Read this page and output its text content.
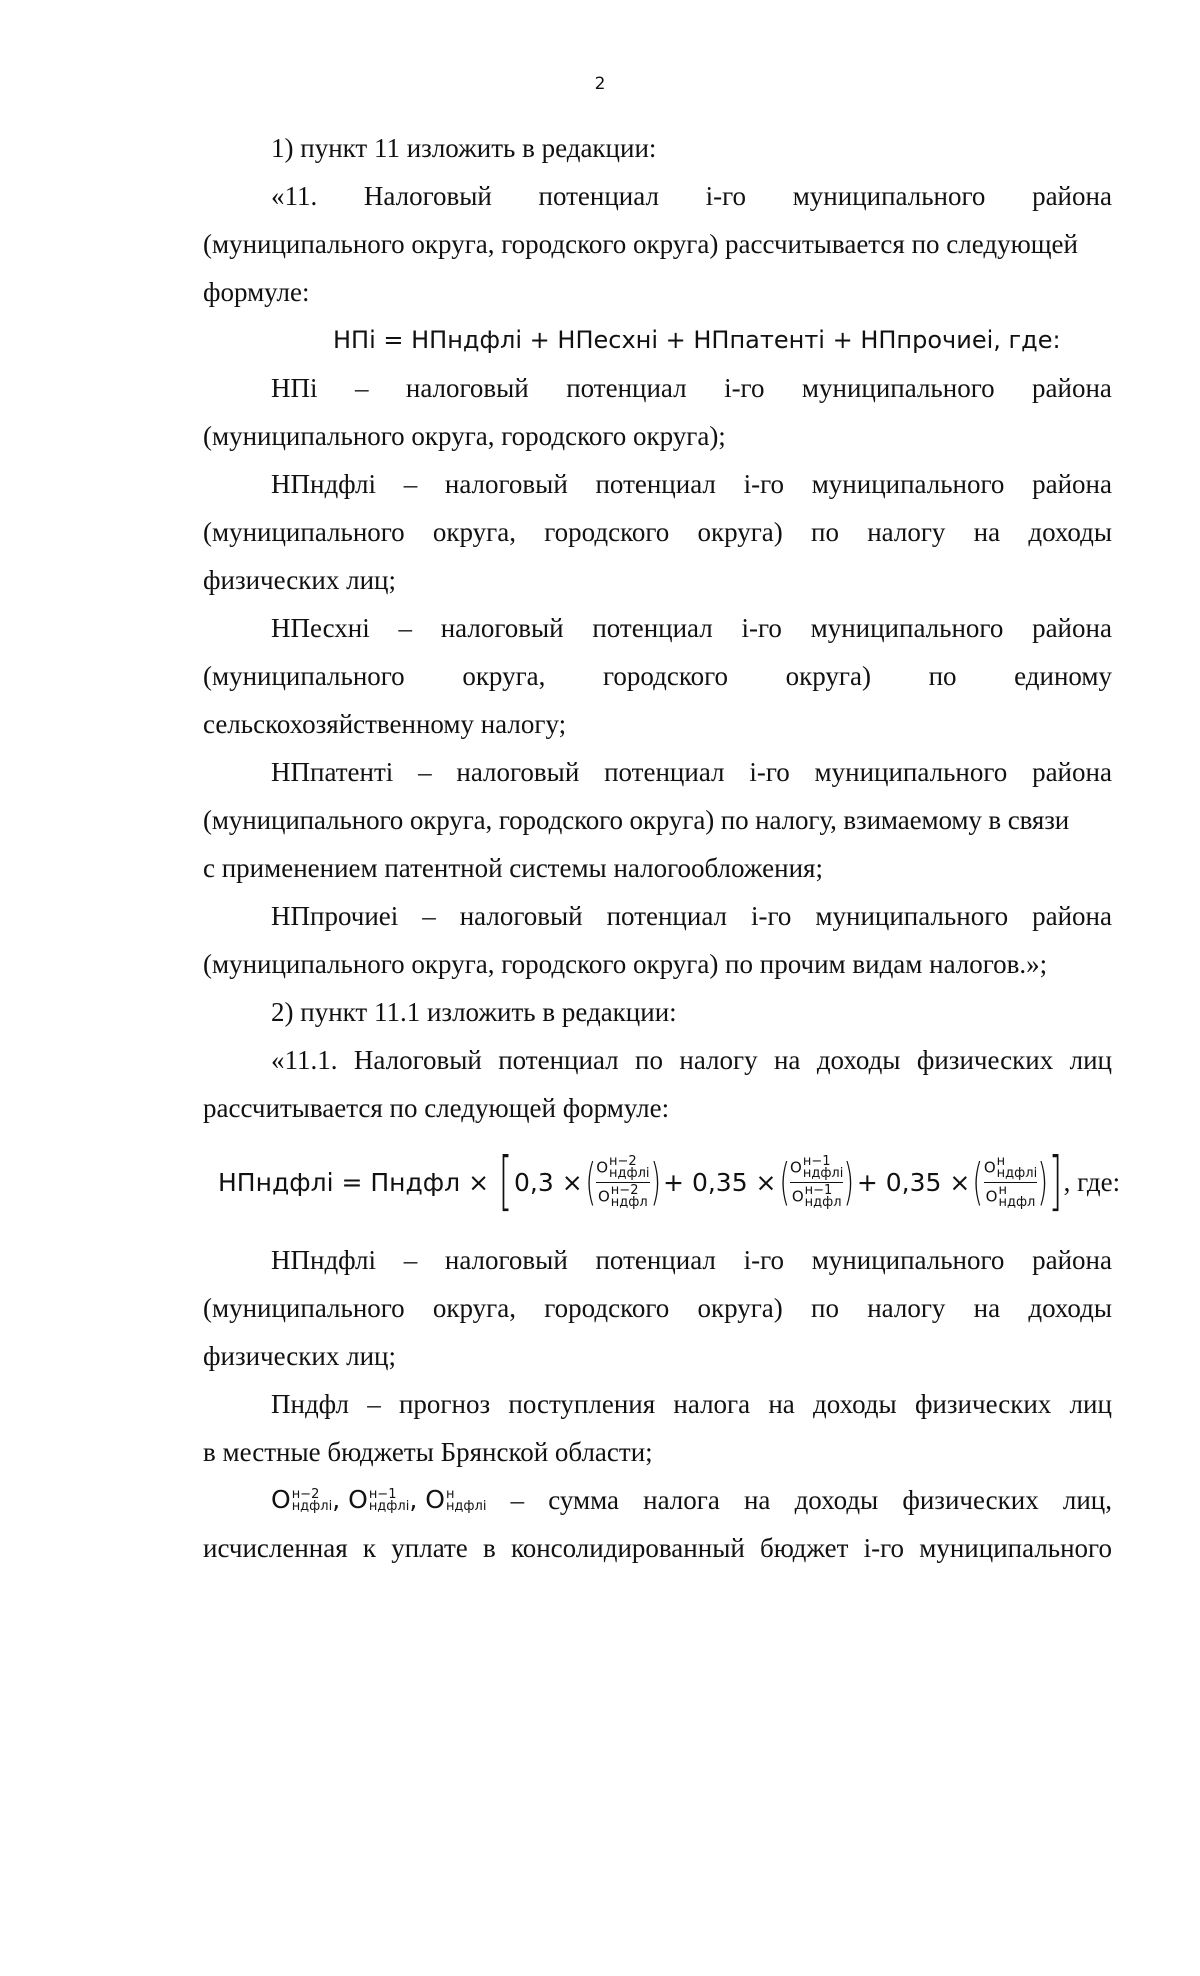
2
1) пункт 11 изложить в редакции:
«11. Налоговый потенциал i-го муниципального района
(муниципального округа, городского округа) рассчитывается по следующей
формуле:
НПi = НПндфлi + НПесхнi + НПпатентi + НПпрочиеi, где:
НПi – налоговый потенциал i-го муниципального района
(муниципального округа, городского округа);
НПндфлi – налоговый потенциал i-го муниципального района
(муниципального округа, городского округа) по налогу на доходы
физических лиц;
НПесхнi – налоговый потенциал i-го муниципального района
(муниципального округа, городского округа) по единому
сельскохозяйственному налогу;
НПпатентi – налоговый потенциал i-го муниципального района
(муниципального округа, городского округа) по налогу, взимаемому в связи
с применением патентной системы налогообложения;
НПпрочиеi – налоговый потенциал i-го муниципального района
(муниципального округа, городского округа) по прочим видам налогов.»;
2) пункт 11.1 изложить в редакции:
«11.1. Налоговый потенциал по налогу на доходы физических лиц
рассчитывается по следующей формуле:
НПндфлi = Пндфл × [ 0,3 × ( О н−2
ндфлi
О н−2
ндфл ) + 0,35 × ( О н−1
ндфлi
О н−1
ндфл ) + 0,35 × ( О н
ндфлi
О н
ндфл ) ] , где:
НПндфлi – налоговый потенциал i-го муниципального района
(муниципального округа, городского округа) по налогу на доходы
физических лиц;
Пндфл – прогноз поступления налога на доходы физических лиц
в местные бюджеты Брянской области;
О н−2
ндфлi , О н−1
ндфлi , О н
ндфлi – сумма налога на доходы физических лиц,
исчисленная к уплате в консолидированный бюджет i-го муниципального
